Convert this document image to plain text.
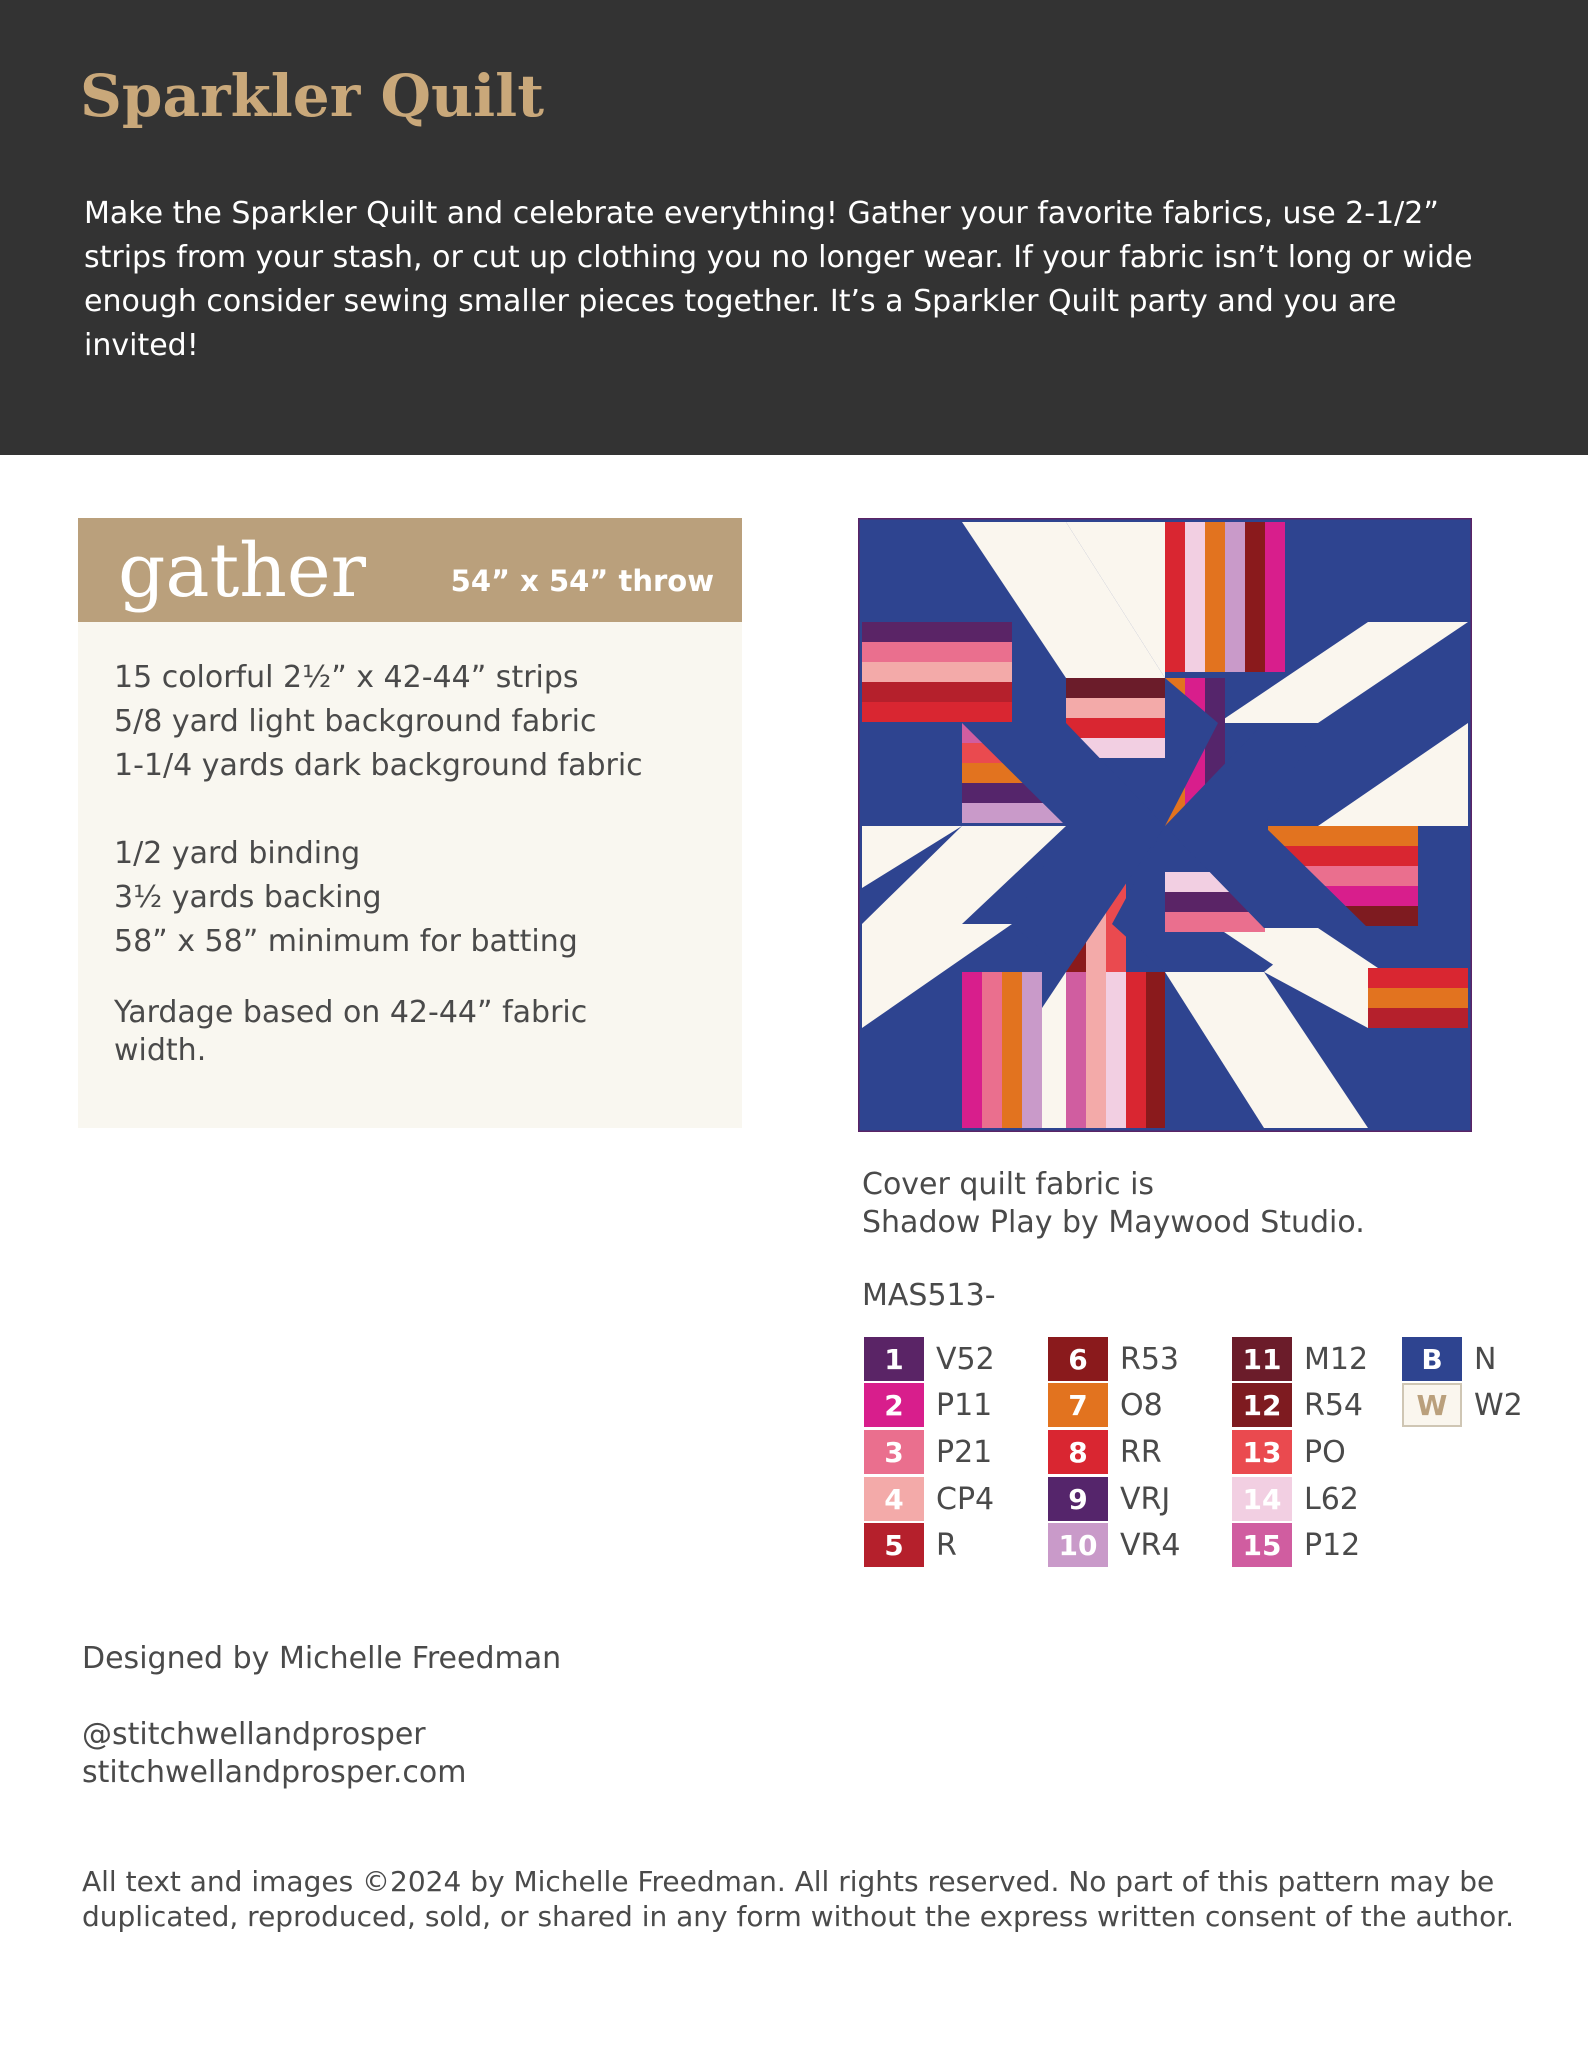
Sparkler Quilt

Make the Sparkler Quilt and celebrate everything! Gather your favorite fabrics, use 2-1/2” strips from your stash, or cut up clothing you no longer wear. If your fabric isn’t long or wide enough consider sewing smaller pieces together. It’s a Sparkler Quilt party and you are invited!

gather	54” x 54” throw
15 colorful 2½” x 42-44” strips
5/8 yard light background fabric
1-1/4 yards dark background fabric
1/2 yard binding
3½ yards backing
58” x 58” minimum for batting
Yardage based on 42-44” fabric width.
Cover quilt fabric is
Shadow Play by Maywood Studio.
MAS513-
1	V52
2	P11
3	P21
4	CP4
5	R
6	R53
7	O8
8	RR
9	VRJ
10 VR4
11 M12
12 R54
13 PO
14 L62
15 P12
B	N
W W2
Designed by Michelle Freedman
@stitchwellandprosper
stitchwellandprosper.com
All text and images ©2024 by Michelle Freedman. All rights reserved. No part of this pattern may be duplicated, reproduced, sold, or shared in any form without the express written consent of the author.
